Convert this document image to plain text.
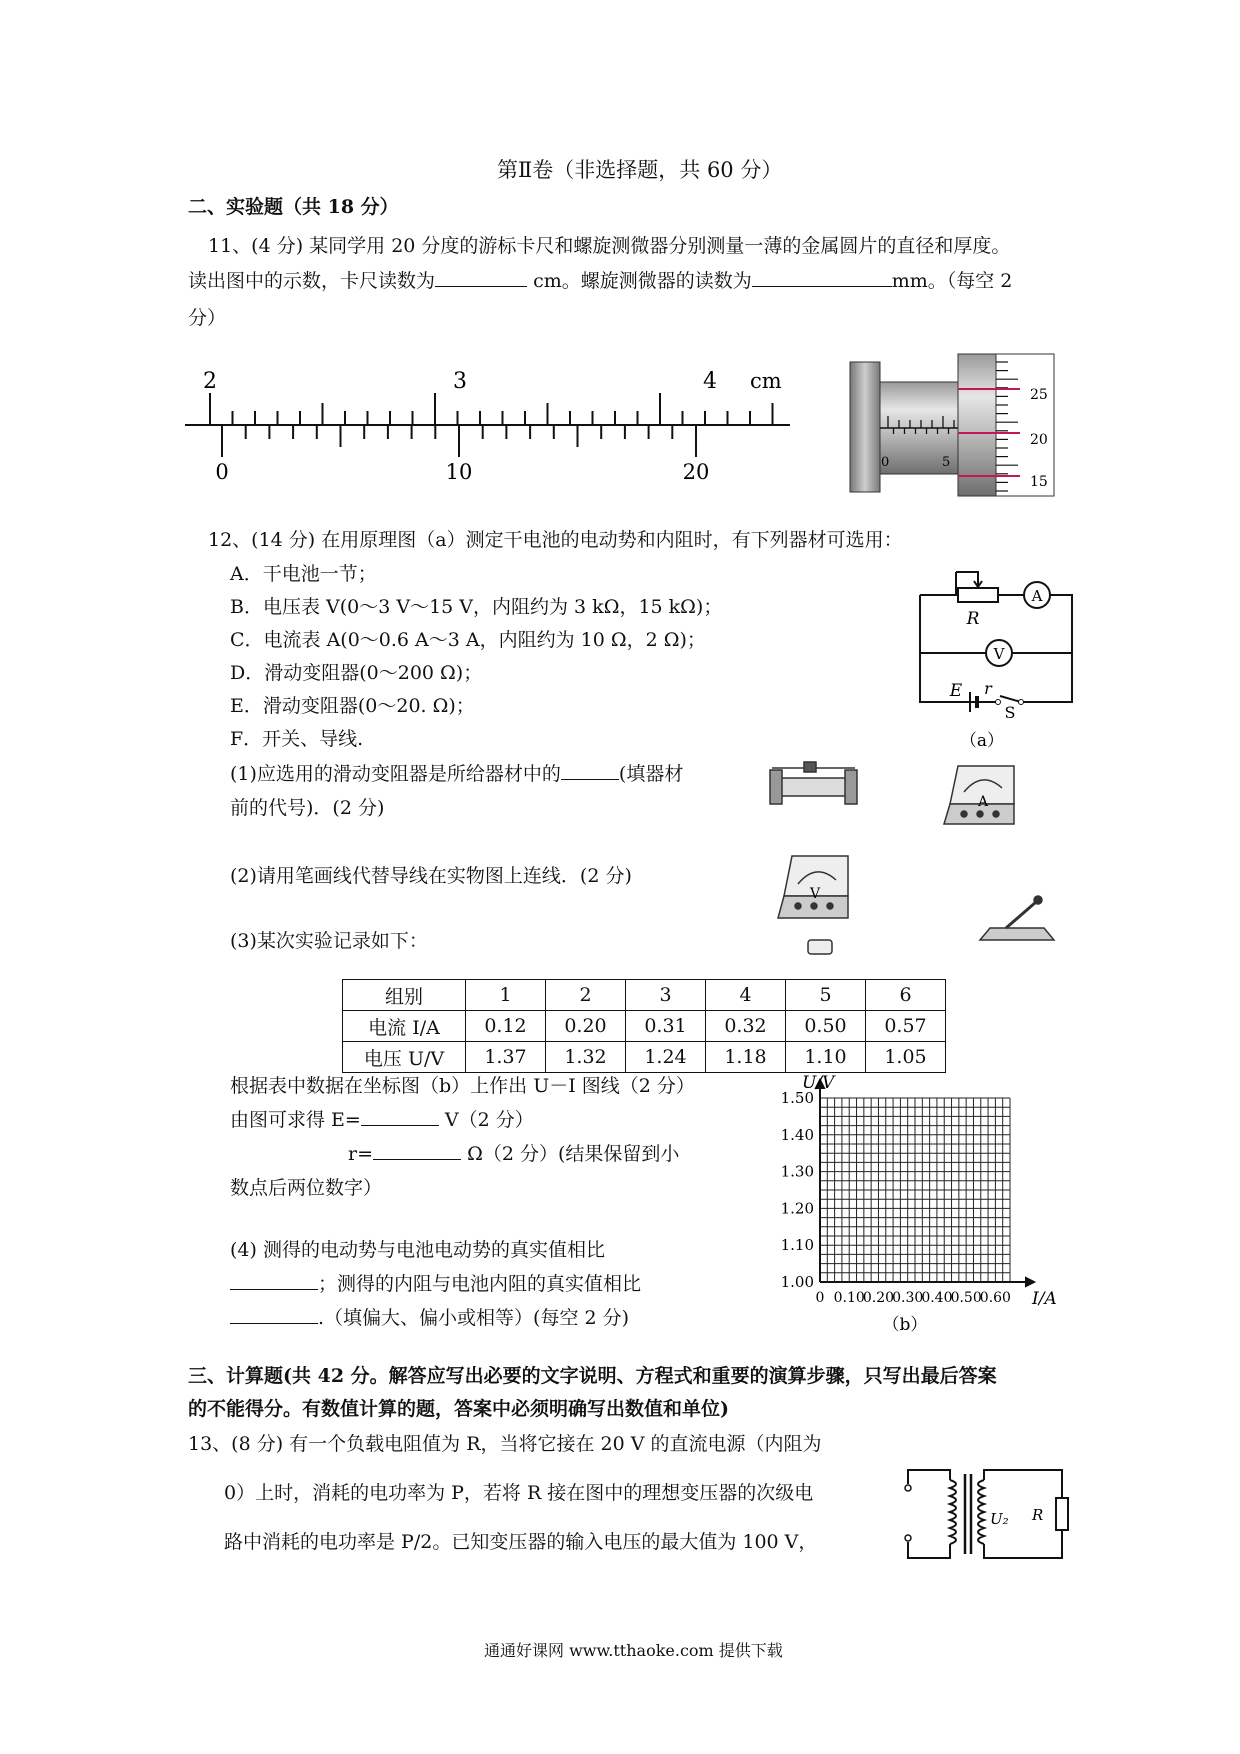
第Ⅱ卷（非选择题，共 60 分）
二、实验题（共 18 分）
11、(4 分) 某同学用 20 分度的游标卡尺和螺旋测微器分别测量一薄的金属圆片的直径和厚度。
读出图中的示数，卡尺读数为	cm。螺旋测微器的读数为	mm。（每空 2
分）
2	3	4 cm
0	10	20	0	5
25
20
15
12、(14 分) 在用原理图（a）测定干电池的电动势和内阻时，有下列器材可选用：
A．干电池一节；
B．电压表 V(0～3 V～15 V，内阻约为 3 kΩ，15 kΩ)；
C．电流表 A(0～0.6 A～3 A，内阻约为 10 Ω，2 Ω)；
D．滑动变阻器(0～200 Ω)；
E．滑动变阻器(0～20. Ω)；
F．开关、导线.
(1)应选用的滑动变阻器是所给器材中的	(填器材
前的代号)．(2 分)
(2)请用笔画线代替导线在实物图上连线．(2 分)
(3)某次实验记录如下：
R
A
V
E r
S
（a）
A
V
组别	1	2	3	4	5	6
电流 I/A	0.12	0.20	0.31	0.32	0.50	0.57
电压 U/V	1.37	1.32	1.24	1.18	1.10	1.05
根据表中数据在坐标图（b）上作出 U－I 图线（2 分）
由图可求得 E=	V（2 分）
r=	Ω（2 分）(结果保留到小
数点后两位数字）
(4) 测得的电动势与电池电动势的真实值相比
；测得的内阻与电池内阻的真实值相比
.（填偏大、偏小或相等）(每空 2 分)
1.00
1.10
1.20
1.30
1.40
1.50
0 0.10
0.20
0.30
0.40
0.50
0.60
U/V
I/A
（b）
三、计算题(共 42 分。解答应写出必要的文字说明、方程式和重要的演算步骤，只写出最后答案
的不能得分。有数值计算的题，答案中必须明确写出数值和单位)
13、(8 分) 有一个负载电阻值为 R，当将它接在 20 V 的直流电源（内阻为
0）上时，消耗的电功率为 P，若将 R 接在图中的理想变压器的次级电
路中消耗的电功率是 P/2。已知变压器的输入电压的最大值为 100 V，
U₂ R
通通好课网 www.tthaoke.com 提供下载
